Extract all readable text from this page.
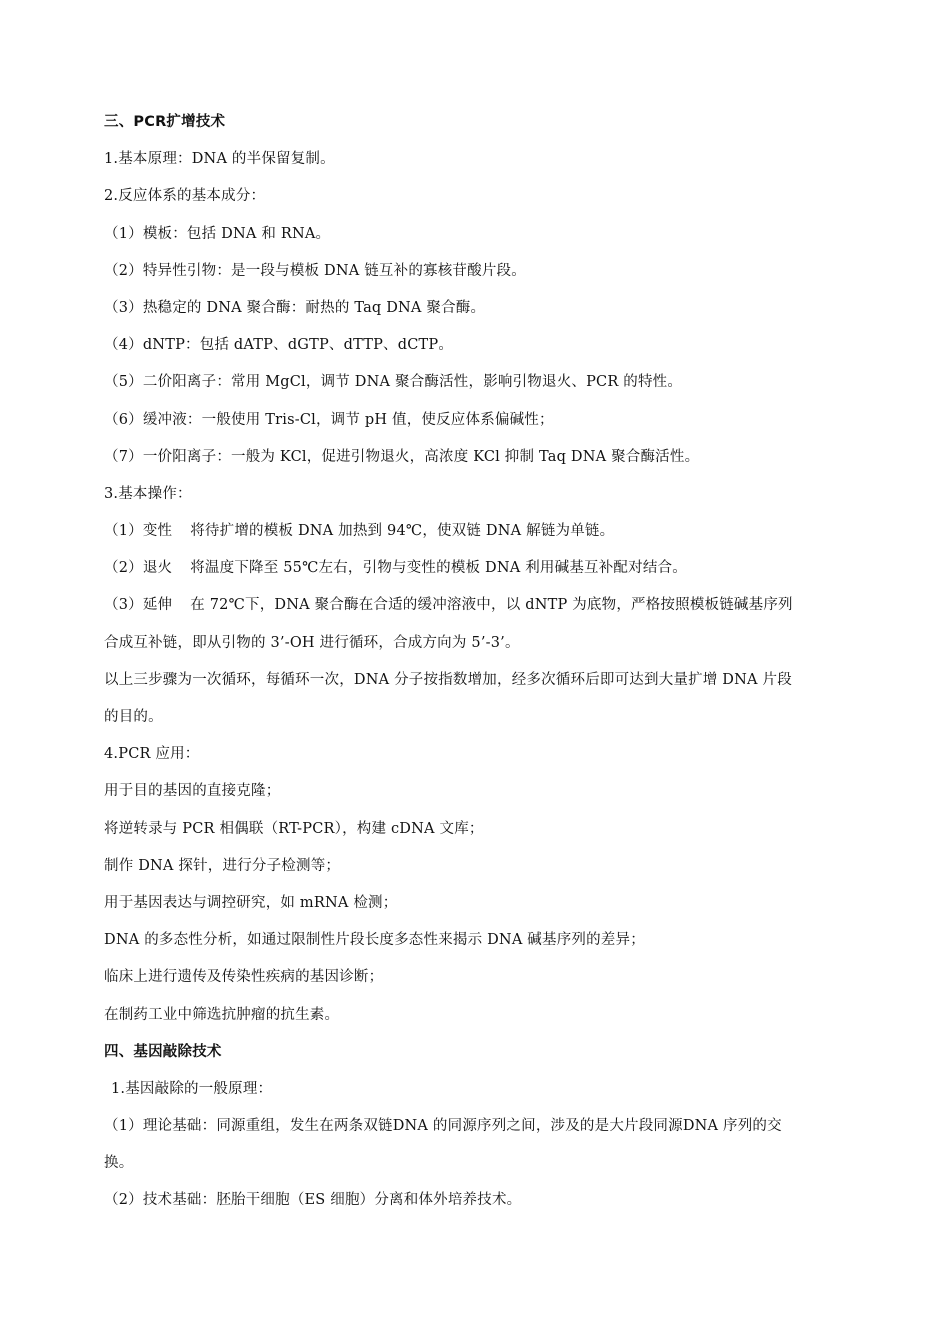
三、PCR扩增技术
1.基本原理：DNA 的半保留复制。
2.反应体系的基本成分：
（1）模板：包括 DNA 和 RNA。
（2）特异性引物：是一段与模板 DNA 链互补的寡核苷酸片段。
（3）热稳定的 DNA 聚合酶：耐热的 Taq DNA 聚合酶。
（4）dNTP：包括 dATP、dGTP、dTTP、dCTP。
（5）二价阳离子：常用 MgCl，调节 DNA 聚合酶活性，影响引物退火、PCR 的特性。
（6）缓冲液：一般使用 Tris-Cl，调节 pH 值，使反应体系偏碱性；
（7）一价阳离子：一般为 KCl，促进引物退火，高浓度 KCl 抑制 Taq DNA 聚合酶活性。
3.基本操作：
（1）变性 将待扩增的模板 DNA 加热到 94℃，使双链 DNA 解链为单链。
（2）退火 将温度下降至 55℃左右，引物与变性的模板 DNA 利用碱基互补配对结合。
（3）延伸 在 72℃下，DNA 聚合酶在合适的缓冲溶液中，以 dNTP 为底物，严格按照模板链碱基序列
合成互补链，即从引物的 3’-OH 进行循环，合成方向为 5’-3’。
以上三步骤为一次循环，每循环一次，DNA 分子按指数增加，经多次循环后即可达到大量扩增 DNA 片段
的目的。
4.PCR 应用：
用于目的基因的直接克隆；
将逆转录与 PCR 相偶联（RT-PCR），构建 cDNA 文库；
制作 DNA 探针，进行分子检测等；
用于基因表达与调控研究，如 mRNA 检测；
DNA 的多态性分析，如通过限制性片段长度多态性来揭示 DNA 碱基序列的差异；
临床上进行遗传及传染性疾病的基因诊断；
在制药工业中筛选抗肿瘤的抗生素。
四、基因敲除技术
1.基因敲除的一般原理：
（1）理论基础：同源重组，发生在两条双链DNA 的同源序列之间，涉及的是大片段同源DNA 序列的交
换。
（2）技术基础：胚胎干细胞（ES 细胞）分离和体外培养技术。
